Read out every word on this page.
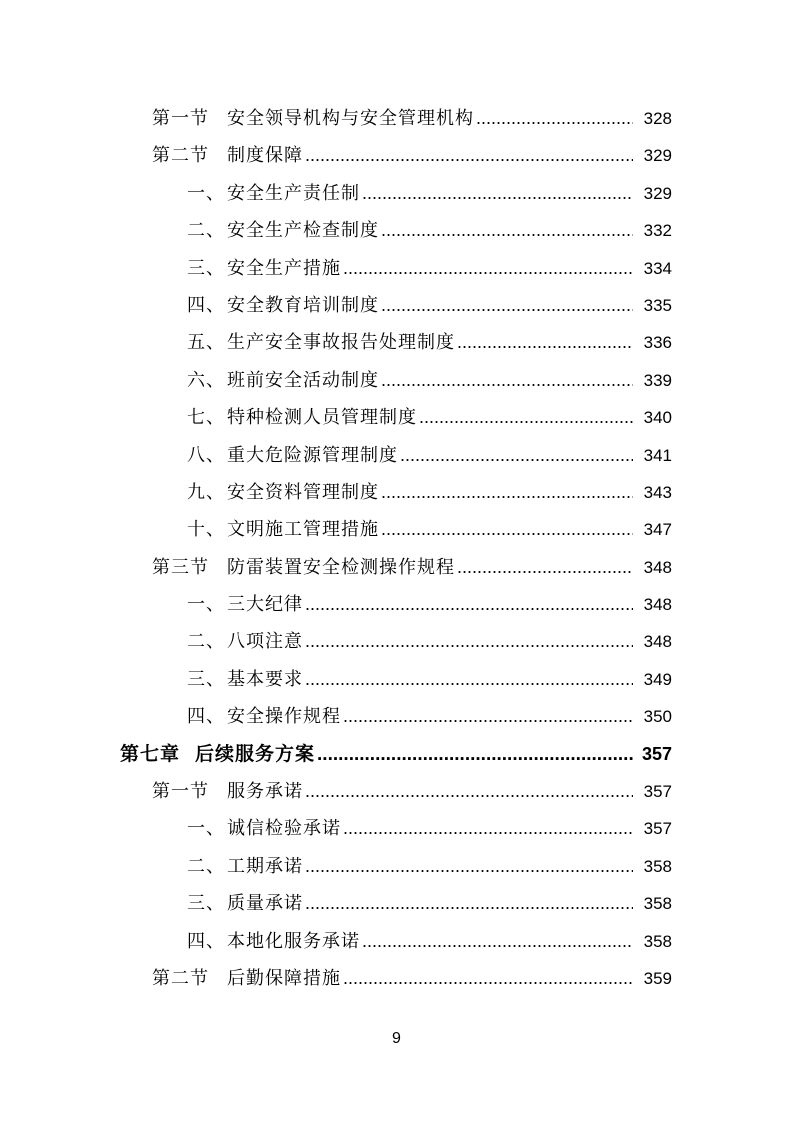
第一节	安全领导机构与安全管理机构 .....	328
第二节	制度保障 .....	329
一、 安全生产责任制 .....	329
二、 安全生产检查制度 .....	332
三、 安全生产措施 .....	334
四、 安全教育培训制度 .....	335
五、 生产安全事故报告处理制度 .....	336
六、 班前安全活动制度 .....	339
七、 特种检测人员管理制度 .....	340
八、 重大危险源管理制度 .....	341
九、 安全资料管理制度 .....	343
十、 文明施工管理措施 .....	347
第三节	防雷装置安全检测操作规程 .....	348
一、 三大纪律 .....	348
二、 八项注意 .....	348
三、 基本要求 .....	349
四、 安全操作规程 .....	350
第七章 后续服务方案 .....	357
第一节	服务承诺 .....	357
一、 诚信检验承诺 .....	357
二、 工期承诺 .....	358
三、 质量承诺 .....	358
四、 本地化服务承诺 .....	358
第二节	后勤保障措施 .....	359
9
